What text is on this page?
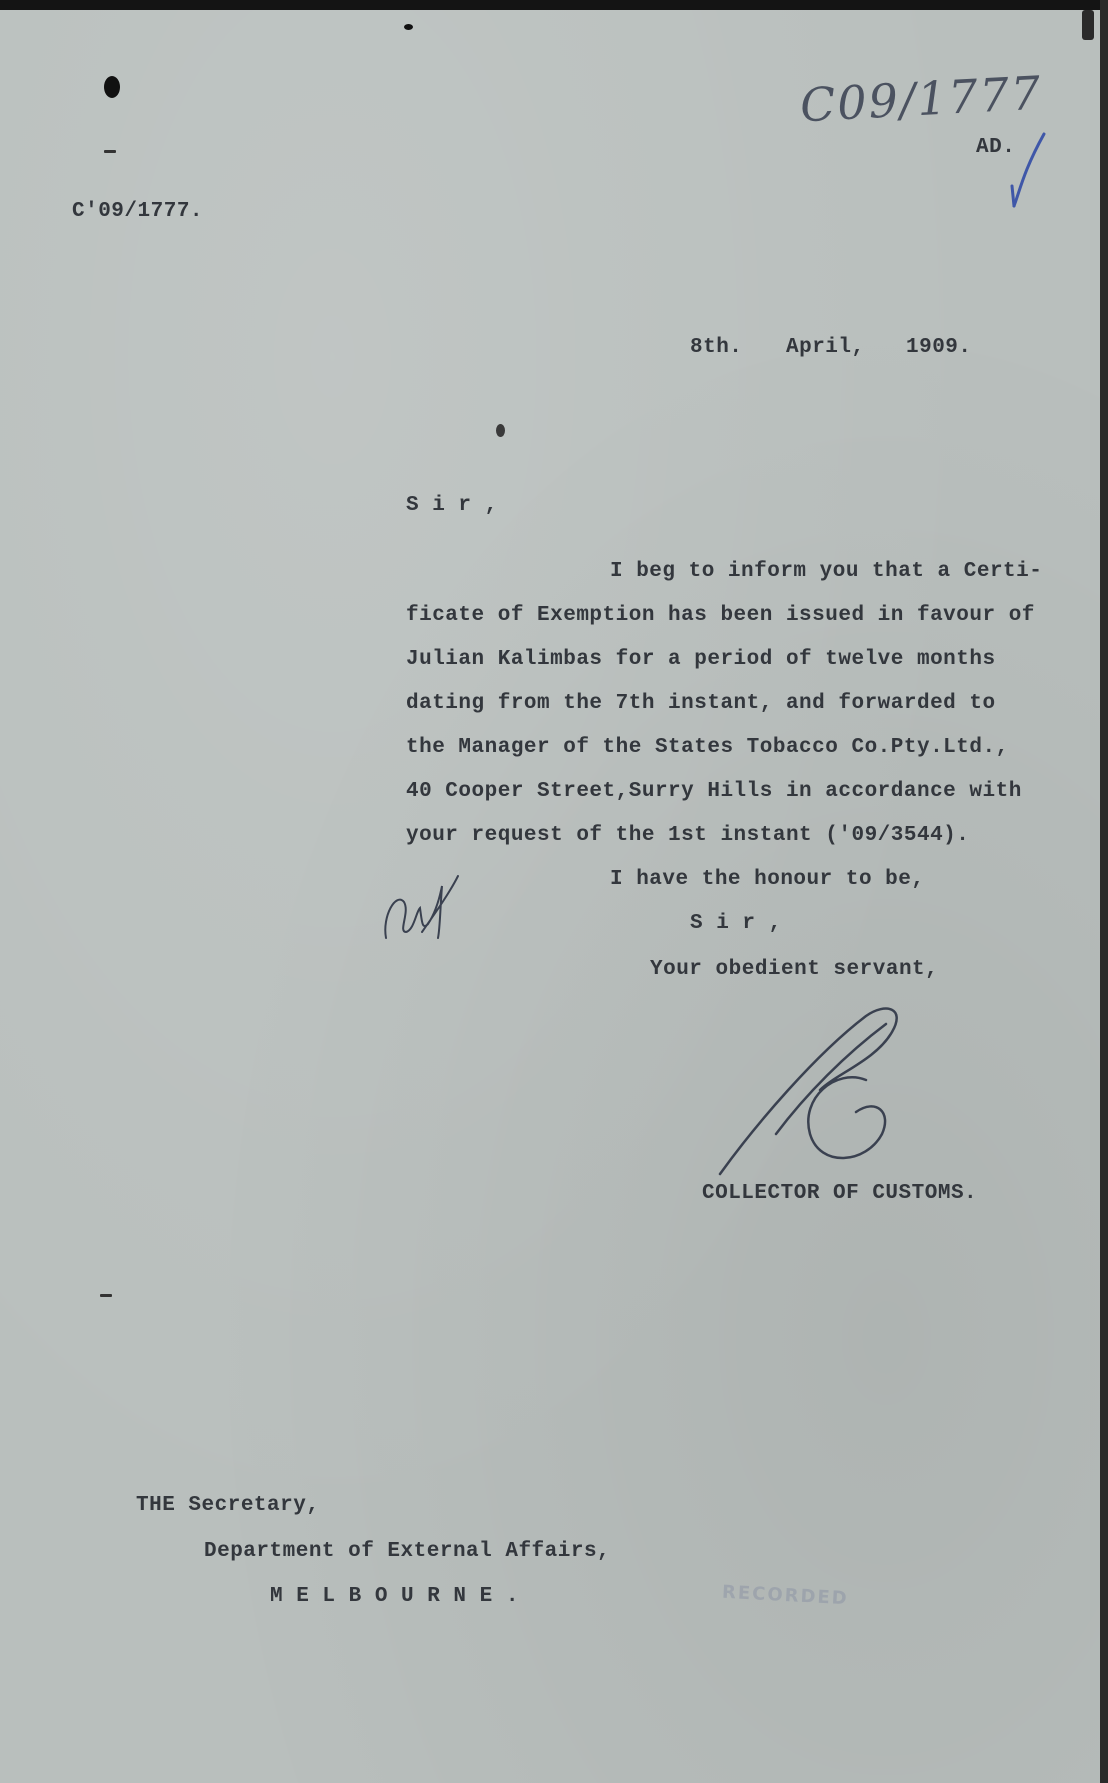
C09/1777
AD.
C'09/1777.
8th. April, 1909.
S i r ,
I beg to inform you that a Certi-
ficate of Exemption has been issued in favour of
Julian Kalimbas for a period of twelve months
dating from the 7th instant, and forwarded to
the Manager of the States Tobacco Co.Pty.Ltd.,
40 Cooper Street,Surry Hills in accordance with
your request of the 1st instant ('09/3544).
I have the honour to be,
S i r ,
Your obedient servant,
COLLECTOR OF CUSTOMS.
THE Secretary,
Department of External Affairs,
M E L B O U R N E .	RECORDED
